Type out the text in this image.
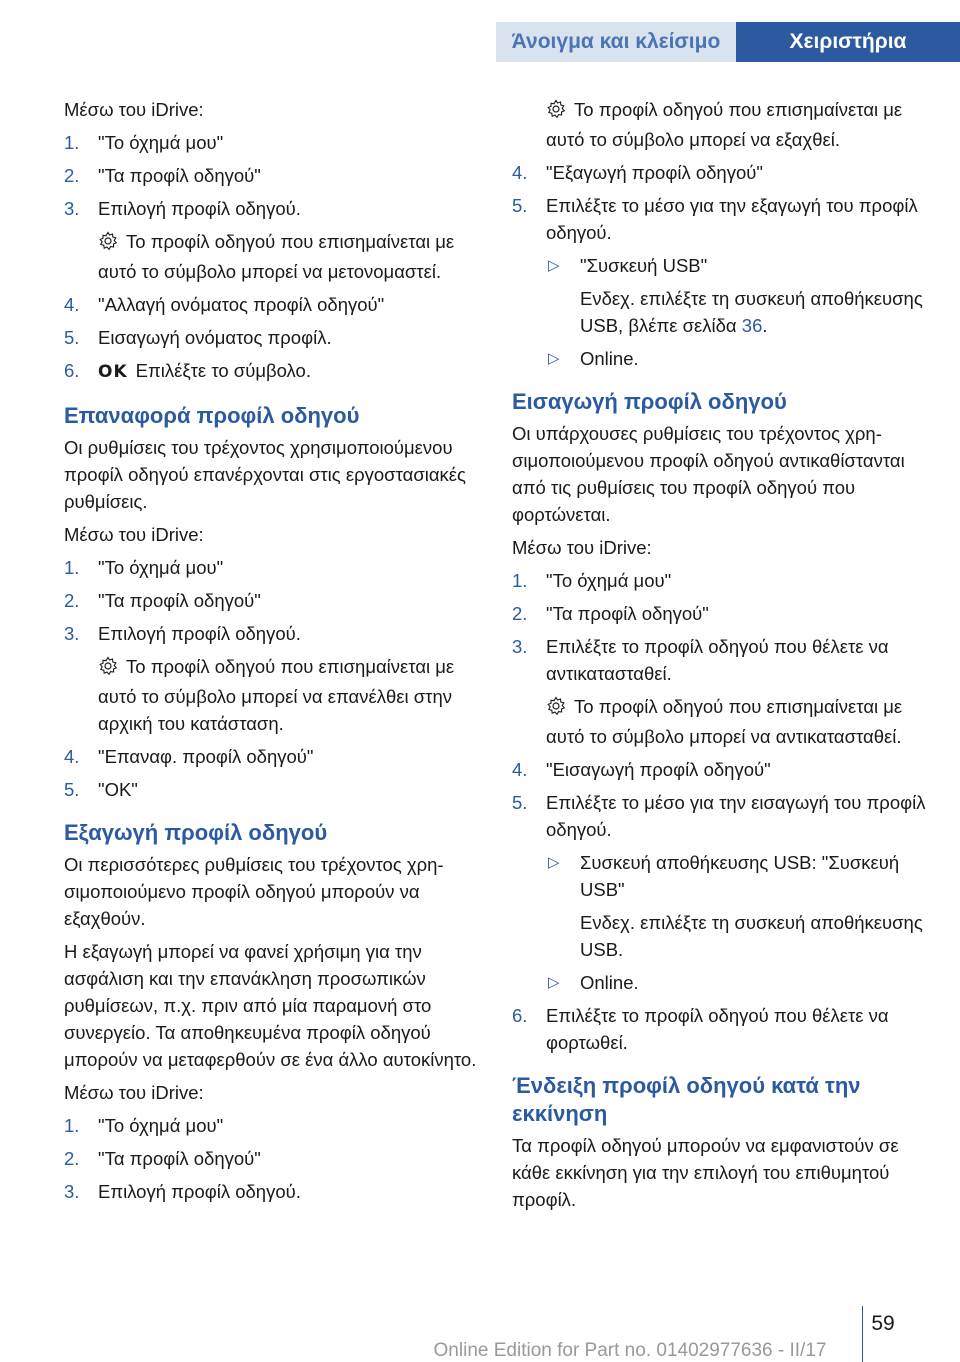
Άνοιγμα και κλείσιμο	Χειριστήρια

Μέσω του iDrive:

1. "Το όχημά μου"
2. "Τα προφίλ οδηγού"
3. Επιλογή προφίλ οδηγού.
Το προφίλ οδηγού που επισημαίνεται με αυτό το σύμβολο μπορεί να μετονομαστεί.
4. "Αλλαγή ονόματος προφίλ οδηγού"
5. Εισαγωγή ονόματος προφίλ.
6. OK Επιλέξτε το σύμβολο.
Επαναφορά προφίλ οδηγού

Οι ρυθμίσεις του τρέχοντος χρησιμοποιούμενου προφίλ οδηγού επανέρχονται στις εργοστασιακές ρυθμίσεις.

Μέσω του iDrive:

1. "Το όχημά μου"
2. "Τα προφίλ οδηγού"
3. Επιλογή προφίλ οδηγού.
Το προφίλ οδηγού που επισημαίνεται με αυτό το σύμβολο μπορεί να επανέλθει στην αρχική του κατάσταση.
4. "Επαναφ. προφίλ οδηγού"
5. "OK"
Εξαγωγή προφίλ οδηγού

Οι περισσότερες ρυθμίσεις του τρέχοντος χρησιμοποιούμενο προφίλ οδηγού μπορούν να εξαχθούν.

Η εξαγωγή μπορεί να φανεί χρήσιμη για την ασφάλιση και την επανάκληση προσωπικών ρυθμίσεων, π.χ. πριν από μία παραμονή στο συνεργείο. Τα αποθηκευμένα προφίλ οδηγού μπορούν να μεταφερθούν σε ένα άλλο αυτοκίνητο.

Μέσω του iDrive:

1. "Το όχημά μου"
2. "Τα προφίλ οδηγού"
3. Επιλογή προφίλ οδηγού.
Το προφίλ οδηγού που επισημαίνεται με αυτό το σύμβολο μπορεί να εξαχθεί.
4. "Εξαγωγή προφίλ οδηγού"
5. Επιλέξτε το μέσο για την εξαγωγή του προφίλ οδηγού.
▷ "Συσκευή USB"

Ενδεχ. επιλέξτε τη συσκευή αποθήκευσης USB, βλέπε σελίδα 36.

▷ Online.
Εισαγωγή προφίλ οδηγού

Οι υπάρχουσες ρυθμίσεις του τρέχοντος χρησιμοποιούμενου προφίλ οδηγού αντικαθίστανται από τις ρυθμίσεις του προφίλ οδηγού που φορτώνεται.

Μέσω του iDrive:

1. "Το όχημά μου"
2. "Τα προφίλ οδηγού"
3. Επιλέξτε το προφίλ οδηγού που θέλετε να αντικατασταθεί.
Το προφίλ οδηγού που επισημαίνεται με αυτό το σύμβολο μπορεί να αντικατασταθεί.
4. "Εισαγωγή προφίλ οδηγού"
5. Επιλέξτε το μέσο για την εισαγωγή του προφίλ οδηγού.
▷ Συσκευή αποθήκευσης USB: "Συσκευή USB"

Ενδεχ. επιλέξτε τη συσκευή αποθήκευσης USB.

▷ Online.
6. Επιλέξτε το προφίλ οδηγού που θέλετε να φορτωθεί.
Ένδειξη προφίλ οδηγού κατά την εκκίνηση

Τα προφίλ οδηγού μπορούν να εμφανιστούν σε κάθε εκκίνηση για την επιλογή του επιθυμητού προφίλ.

59
Online Edition for Part no. 01402977636 - II/17
